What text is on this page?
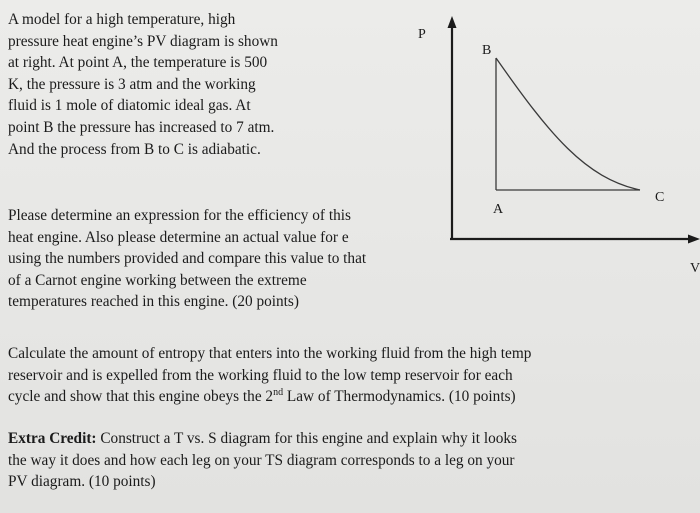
A model for a high temperature, high
pressure heat engine’s PV diagram is shown
at right. At point A, the temperature is 500
K, the pressure is 3 atm and the working
fluid is 1 mole of diatomic ideal gas. At
point B the pressure has increased to 7 atm.
And the process from B to C is adiabatic.

Please determine an expression for the efficiency of this
heat engine. Also please determine an actual value for e
using the numbers provided and compare this value to that
of a Carnot engine working between the extreme
temperatures reached in this engine. (20 points)

Calculate the amount of entropy that enters into the working fluid from the high temp
reservoir and is expelled from the working fluid to the low temp reservoir for each
cycle and show that this engine obeys the 2nd Law of Thermodynamics. (10 points)

Extra Credit: Construct a T vs. S diagram for this engine and explain why it looks
the way it does and how each leg on your TS diagram corresponds to a leg on your
PV diagram. (10 points)

P
V
A
B
C
